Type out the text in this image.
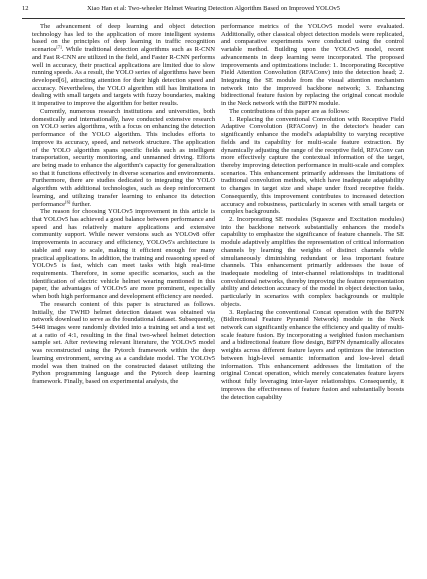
12	Xiao Han et al: Two-wheeler Helmet Wearing Detection Algorithm Based on Improved YOLOv5

The advancement of deep learning and object detection technology has led to the application of more intelligent systems based on the principles of deep learning in traffic recognition scenarios[7]. While traditional detection algorithms such as R-CNN and Fast R-CNN are utilized in the field, and Faster R-CNN performs well in accuracy, their practical applications are limited due to slow running speeds. As a result, the YOLO series of algorithms have been developed[6], attracting attention for their high detection speed and accuracy. Nevertheless, the YOLO algorithm still has limitations in dealing with small targets and targets with fuzzy boundaries, making it imperative to improve the algorithm for better results.

Currently, numerous research institutions and universities, both domestically and internationally, have conducted extensive research on YOLO series algorithms, with a focus on enhancing the detection performance of the YOLO algorithm. This includes efforts to improve its accuracy, speed, and network structure. The application of the YOLO algorithm spans specific fields such as intelligent transportation, security monitoring, and unmanned driving. Efforts are being made to enhance the algorithm's capacity for generalization so that it functions effectively in diverse scenarios and environments. Furthermore, there are studies dedicated to integrating the YOLO algorithm with additional technologies, such as deep reinforcement learning, and utilizing transfer learning to enhance its detection performance[6] further.

The reason for choosing YOLOv5 improvement in this article is that YOLOv5 has achieved a good balance between performance and speed and has relatively mature applications and extensive community support. While newer versions such as YOLOv8 offer improvements in accuracy and efficiency, YOLOv5's architecture is stable and easy to scale, making it efficient enough for many practical applications. In addition, the training and reasoning speed of YOLOv5 is fast, which can meet tasks with high real-time requirements. Therefore, in some specific scenarios, such as the identification of electric vehicle helmet wearing mentioned in this paper, the advantages of YOLOv5 are more prominent, especially when both high performance and development efficiency are needed.

The research content of this paper is structured as follows. Initially, the TWHD helmet detection dataset was obtained via network download to serve as the foundational dataset. Subsequently, 5448 images were randomly divided into a training set and a test set at a ratio of 4:1, resulting in the final two-wheel helmet detection sample set. After reviewing relevant literature, the YOLOv5 model was reconstructed using the Pytorch framework within the deep learning environment, serving as a candidate model. The YOLOv5 model was then trained on the constructed dataset utilizing the Python programming language and the Pytorch deep learning framework. Finally, based on experimental analysis, the

performance metrics of the YOLOv5 model were evaluated. Additionally, other classical object detection models were replicated, and comparative experiments were conducted using the control variable method. Building upon the YOLOv5 model, recent advancements in deep learning were incorporated. The proposed improvements and optimizations include: 1. Incorporating Receptive Field Attention Convolution (RFAConv) into the detection head; 2. Integrating the SE module from the visual attention mechanism network into the improved backbone network; 3. Enhancing bidirectional feature fusion by replacing the original concat module in the Neck network with the BiFPN module.

The contributions of this paper are as follows:

1. Replacing the conventional Convolution with Receptive Field Adaptive Convolution (RFAConv) in the detector's header can significantly enhance the model's adaptability to varying receptive fields and its capability for multi-scale feature extraction. By dynamically adjusting the range of the receptive field, RFAConv can more effectively capture the contextual information of the target, thereby improving detection performance in multi-scale and complex scenarios. This enhancement primarily addresses the limitations of traditional convolution methods, which have inadequate adaptability to changes in target size and shape under fixed receptive fields. Consequently, this improvement contributes to increased detection accuracy and robustness, particularly in scenes with small targets or complex backgrounds.

2. Incorporating SE modules (Squeeze and Excitation modules) into the backbone network substantially enhances the model's capability to emphasize the significance of feature channels. The SE module adaptively amplifies the representation of critical information channels by learning the weights of distinct channels while simultaneously diminishing redundant or less important feature channels. This enhancement primarily addresses the issue of inadequate modeling of inter-channel relationships in traditional convolutional networks, thereby improving the feature representation ability and detection accuracy of the model in object detection tasks, particularly in scenarios with complex backgrounds or multiple objects.

3. Replacing the conventional Concat operation with the BiFPN (Bidirectional Feature Pyramid Network) module in the Neck network can significantly enhance the efficiency and quality of multi-scale feature fusion. By incorporating a weighted fusion mechanism and a bidirectional feature flow design, BiFPN dynamically allocates weights across different feature layers and optimizes the interaction between high-level semantic information and low-level detail information. This enhancement addresses the limitation of the original Concat operation, which merely concatenates feature layers without fully leveraging inter-layer relationships. Consequently, it improves the effectiveness of feature fusion and substantially boosts the detection capability
